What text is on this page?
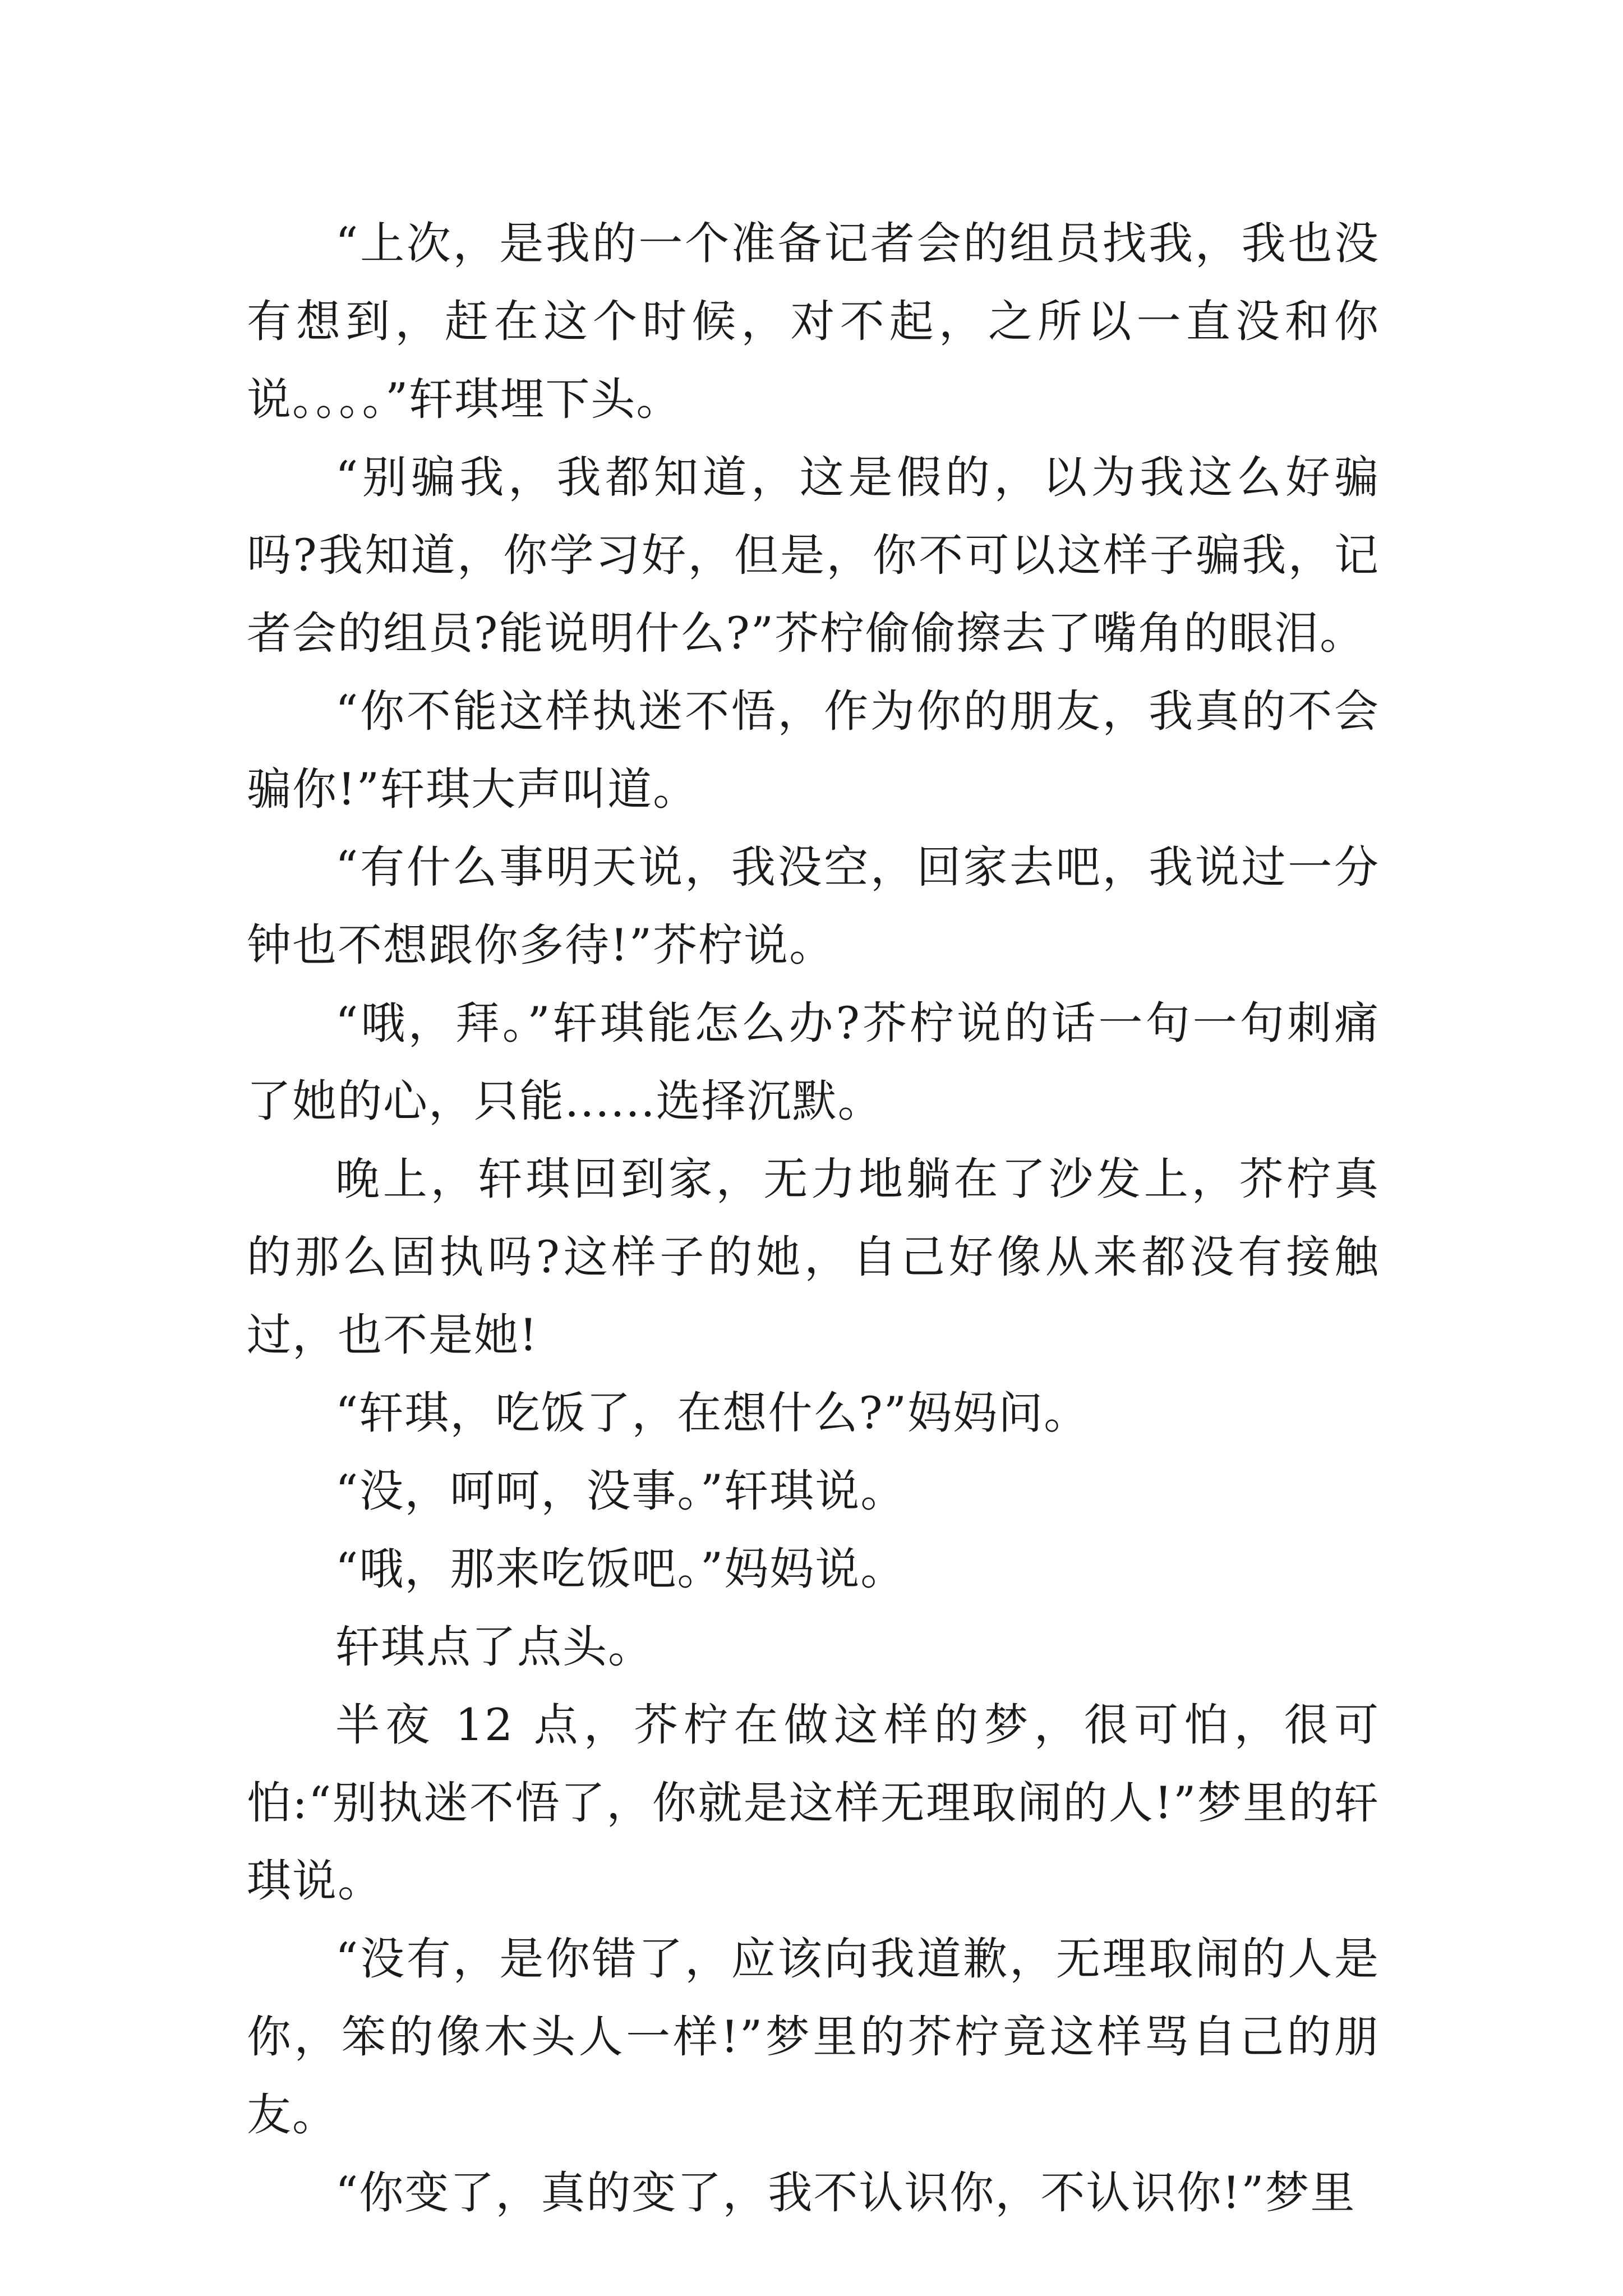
“上次，是我的一个准备记者会的组员找我，我也没有想到，赶在这个时候，对不起，之所以一直没和你说。。。。”轩琪埋下头。

“别骗我，我都知道，这是假的，以为我这么好骗吗?我知道，你学习好，但是，你不可以这样子骗我，记者会的组员?能说明什么?”芥柠偷偷擦去了嘴角的眼泪。

“你不能这样执迷不悟，作为你的朋友，我真的不会骗你!”轩琪大声叫道。

“有什么事明天说，我没空，回家去吧，我说过一分钟也不想跟你多待!”芥柠说。

“哦，拜。”轩琪能怎么办?芥柠说的话一句一句刺痛了她的心，只能......选择沉默。

晚上，轩琪回到家，无力地躺在了沙发上，芥柠真的那么固执吗?这样子的她，自己好像从来都没有接触过，也不是她!

“轩琪，吃饭了，在想什么?”妈妈问。

“没，呵呵，没事。”轩琪说。

“哦，那来吃饭吧。”妈妈说。

轩琪点了点头。

半夜 12 点，芥柠在做这样的梦，很可怕，很可怕:“别执迷不悟了，你就是这样无理取闹的人!”梦里的轩琪说。

“没有，是你错了，应该向我道歉，无理取闹的人是你，笨的像木头人一样!”梦里的芥柠竟这样骂自己的朋友。

“你变了，真的变了，我不认识你，不认识你!”梦里
